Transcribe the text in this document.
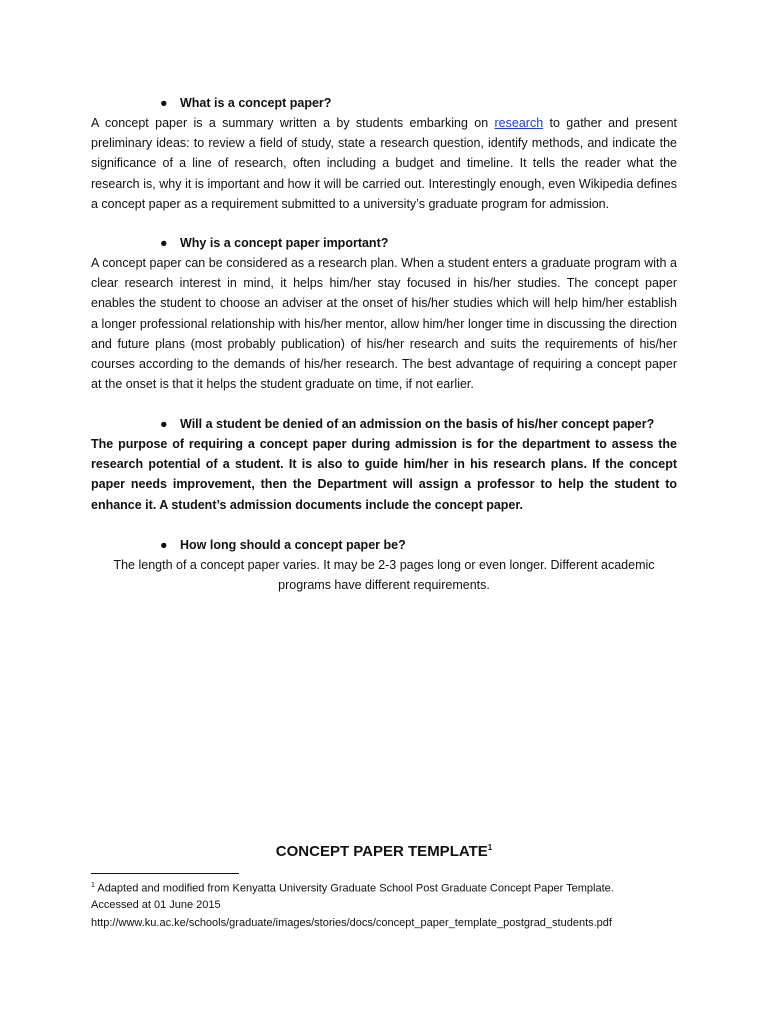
● What is a concept paper?
A concept paper is a summary written a by students embarking on research to gather and present preliminary ideas: to review a field of study, state a research question, identify methods, and indicate the significance of a line of research, often including a budget and timeline. It tells the reader what the research is, why it is important and how it will be carried out. Interestingly enough, even Wikipedia defines a concept paper as a requirement submitted to a university’s graduate program for admission.
● Why is a concept paper important?
A concept paper can be considered as a research plan. When a student enters a graduate program with a clear research interest in mind, it helps him/her stay focused in his/her studies. The concept paper enables the student to choose an adviser at the onset of his/her studies which will help him/her establish a longer professional relationship with his/her mentor, allow him/her longer time in discussing the direction and future plans (most probably publication) of his/her research and suits the requirements of his/her courses according to the demands of his/her research. The best advantage of requiring a concept paper at the onset is that it helps the student graduate on time, if not earlier.
● Will a student be denied of an admission on the basis of his/her concept paper?
The purpose of requiring a concept paper during admission is for the department to assess the research potential of a student. It is also to guide him/her in his research plans. If the concept paper needs improvement, then the Department will assign a professor to help the student to enhance it. A student’s admission documents include the concept paper.
● How long should a concept paper be?
The length of a concept paper varies. It may be 2-3 pages long or even longer. Different academic programs have different requirements.
CONCEPT PAPER TEMPLATE$^1$
$^1$ Adapted and modified from Kenyatta University Graduate School Post Graduate Concept Paper Template.
Accessed at 01 June 2015
http://www.ku.ac.ke/schools/graduate/images/stories/docs/concept_paper_template_postgrad_students.pdf
